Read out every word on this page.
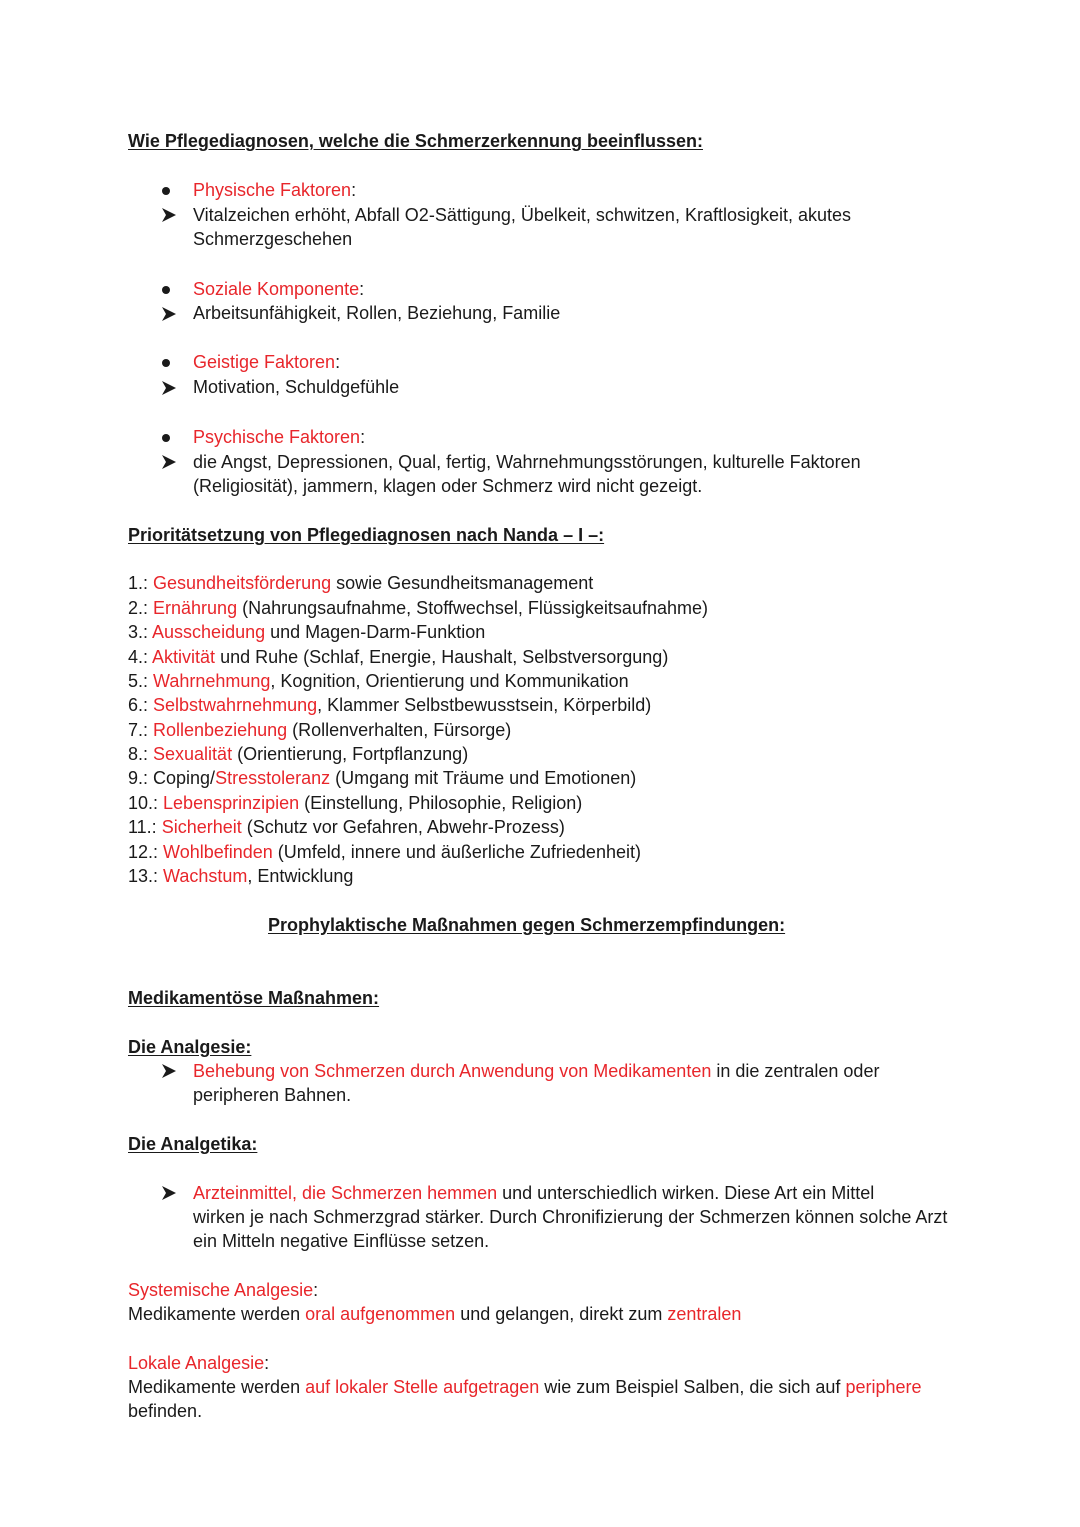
Wie Pflegediagnosen, welche die Schmerzerkennung beeinflussen:
Physische Faktoren:
Vitalzeichen erhöht, Abfall O2-Sättigung, Übelkeit, schwitzen, Kraftlosigkeit, akutes
Schmerzgeschehen
Soziale Komponente:
Arbeitsunfähigkeit, Rollen, Beziehung, Familie
Geistige Faktoren:
Motivation, Schuldgefühle
Psychische Faktoren:
die Angst, Depressionen, Qual, fertig, Wahrnehmungsstörungen, kulturelle Faktoren
(Religiosität), jammern, klagen oder Schmerz wird nicht gezeigt.
Prioritätsetzung von Pflegediagnosen nach Nanda – I –:
1.: Gesundheitsförderung sowie Gesundheitsmanagement
2.: Ernährung (Nahrungsaufnahme, Stoffwechsel, Flüssigkeitsaufnahme)
3.: Ausscheidung und Magen-Darm-Funktion
4.: Aktivität und Ruhe (Schlaf, Energie, Haushalt, Selbstversorgung)
5.: Wahrnehmung, Kognition, Orientierung und Kommunikation
6.: Selbstwahrnehmung, Klammer Selbstbewusstsein, Körperbild)
7.: Rollenbeziehung (Rollenverhalten, Fürsorge)
8.: Sexualität (Orientierung, Fortpflanzung)
9.: Coping/Stresstoleranz (Umgang mit Träume und Emotionen)
10.: Lebensprinzipien (Einstellung, Philosophie, Religion)
11.: Sicherheit (Schutz vor Gefahren, Abwehr-Prozess)
12.: Wohlbefinden (Umfeld, innere und äußerliche Zufriedenheit)
13.: Wachstum, Entwicklung
Prophylaktische Maßnahmen gegen Schmerzempfindungen:
Medikamentöse Maßnahmen:
Die Analgesie:
Behebung von Schmerzen durch Anwendung von Medikamenten in die zentralen oder
peripheren Bahnen.
Die Analgetika:
Arzteinmittel, die Schmerzen hemmen und unterschiedlich wirken. Diese Art ein Mittel
wirken je nach Schmerzgrad stärker. Durch Chronifizierung der Schmerzen können solche Arzt
ein Mitteln negative Einflüsse setzen.
Systemische Analgesie:
Medikamente werden oral aufgenommen und gelangen, direkt zum zentralen
Lokale Analgesie:
Medikamente werden auf lokaler Stelle aufgetragen wie zum Beispiel Salben, die sich auf periphere
befinden.
